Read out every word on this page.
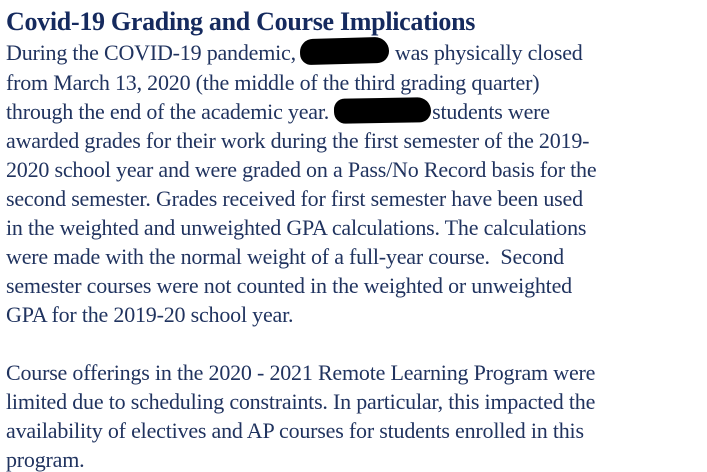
Covid-19 Grading and Course Implications
During the COVID-19 pandemic,	was physically closed
from March 13, 2020 (the middle of the third grading quarter)
through the end of the academic year.	students were
awarded grades for their work during the first semester of the 2019-
2020 school year and were graded on a Pass/No Record basis for the
second semester. Grades received for first semester have been used
in the weighted and unweighted GPA calculations. The calculations
were made with the normal weight of a full-year course.  Second
semester courses were not counted in the weighted or unweighted
GPA for the 2019-20 school year.
Course offerings in the 2020 - 2021 Remote Learning Program were
limited due to scheduling constraints. In particular, this impacted the
availability of electives and AP courses for students enrolled in this
program.
